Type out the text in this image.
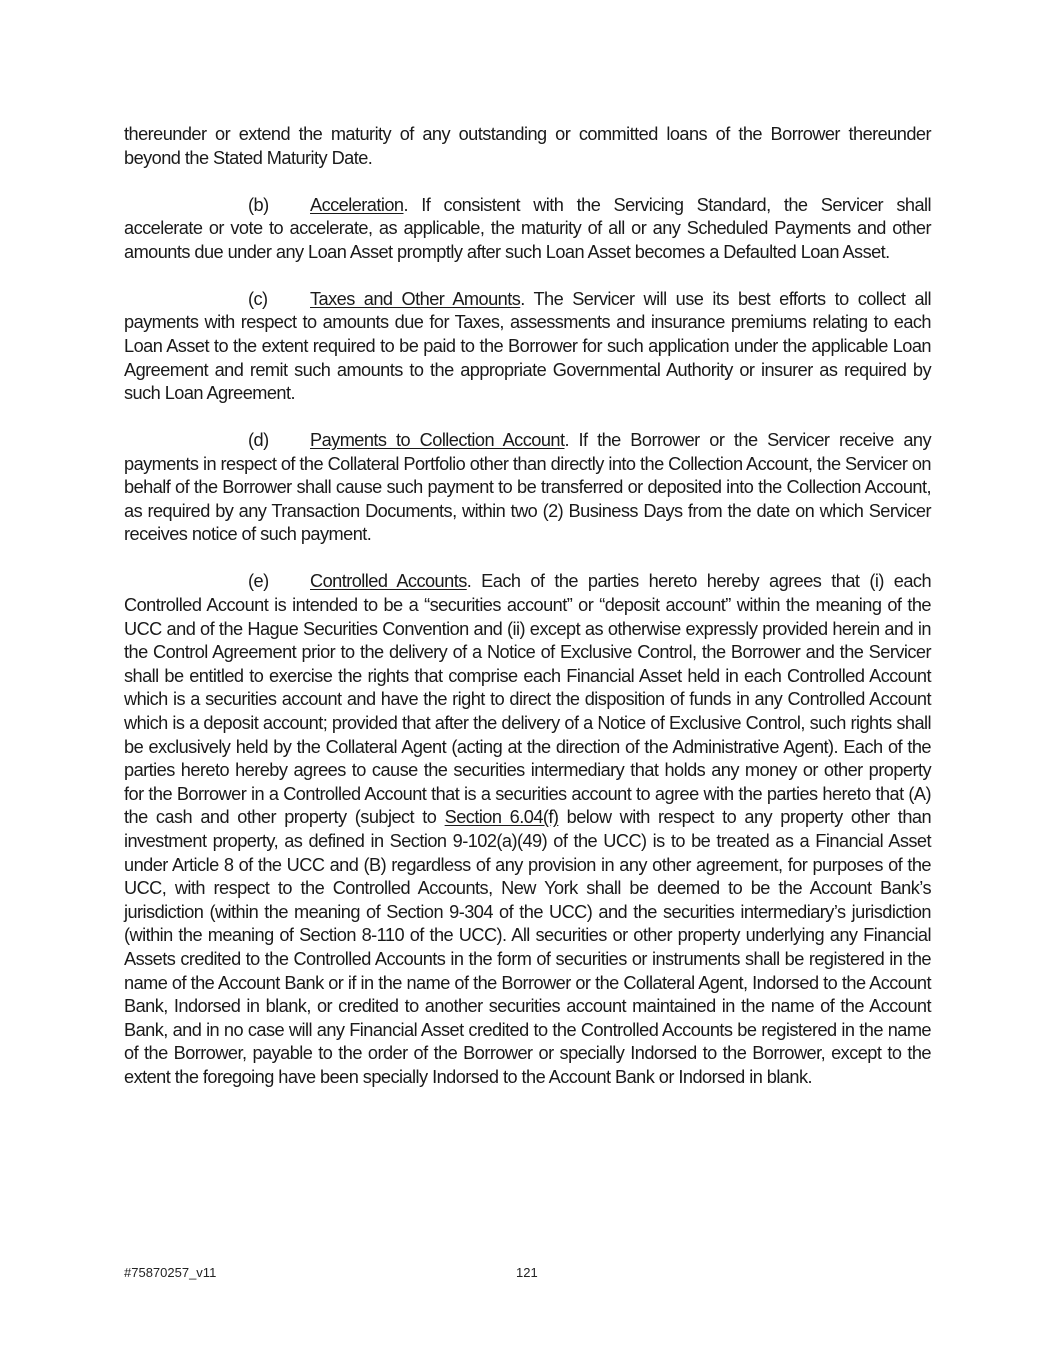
thereunder or extend the maturity of any outstanding or committed loans of the Borrower thereunder beyond the Stated Maturity Date.

(b) Acceleration. If consistent with the Servicing Standard, the Servicer shall accelerate or vote to accelerate, as applicable, the maturity of all or any Scheduled Payments and other amounts due under any Loan Asset promptly after such Loan Asset becomes a Defaulted Loan Asset.

(c) Taxes and Other Amounts. The Servicer will use its best efforts to collect all payments with respect to amounts due for Taxes, assessments and insurance premiums relating to each Loan Asset to the extent required to be paid to the Borrower for such application under the applicable Loan Agreement and remit such amounts to the appropriate Governmental Authority or insurer as required by such Loan Agreement.

(d) Payments to Collection Account. If the Borrower or the Servicer receive any payments in respect of the Collateral Portfolio other than directly into the Collection Account, the Servicer on behalf of the Borrower shall cause such payment to be transferred or deposited into the Collection Account, as required by any Transaction Documents, within two (2) Business Days from the date on which Servicer receives notice of such payment.

(e) Controlled Accounts. Each of the parties hereto hereby agrees that (i) each Controlled Account is intended to be a “securities account” or “deposit account” within the meaning of the UCC and of the Hague Securities Convention and (ii) except as otherwise expressly provided herein and in the Control Agreement prior to the delivery of a Notice of Exclusive Control, the Borrower and the Servicer shall be entitled to exercise the rights that comprise each Financial Asset held in each Controlled Account which is a securities account and have the right to direct the disposition of funds in any Controlled Account which is a deposit account; provided that after the delivery of a Notice of Exclusive Control, such rights shall be exclusively held by the Collateral Agent (acting at the direction of the Administrative Agent). Each of the parties hereto hereby agrees to cause the securities intermediary that holds any money or other property for the Borrower in a Controlled Account that is a securities account to agree with the parties hereto that (A) the cash and other property (subject to Section 6.04(f) below with respect to any property other than investment property, as defined in Section 9-102(a)(49) of the UCC) is to be treated as a Financial Asset under Article 8 of the UCC and (B) regardless of any provision in any other agreement, for purposes of the UCC, with respect to the Controlled Accounts, New York shall be deemed to be the Account Bank’s jurisdiction (within the meaning of Section 9-304 of the UCC) and the securities intermediary’s jurisdiction (within the meaning of Section 8-110 of the UCC). All securities or other property underlying any Financial Assets credited to the Controlled Accounts in the form of securities or instruments shall be registered in the name of the Account Bank or if in the name of the Borrower or the Collateral Agent, Indorsed to the Account Bank, Indorsed in blank, or credited to another securities account maintained in the name of the Account Bank, and in no case will any Financial Asset credited to the Controlled Accounts be registered in the name of the Borrower, payable to the order of the Borrower or specially Indorsed to the Borrower, except to the extent the foregoing have been specially Indorsed to the Account Bank or Indorsed in blank.

#75870257_v11	121
